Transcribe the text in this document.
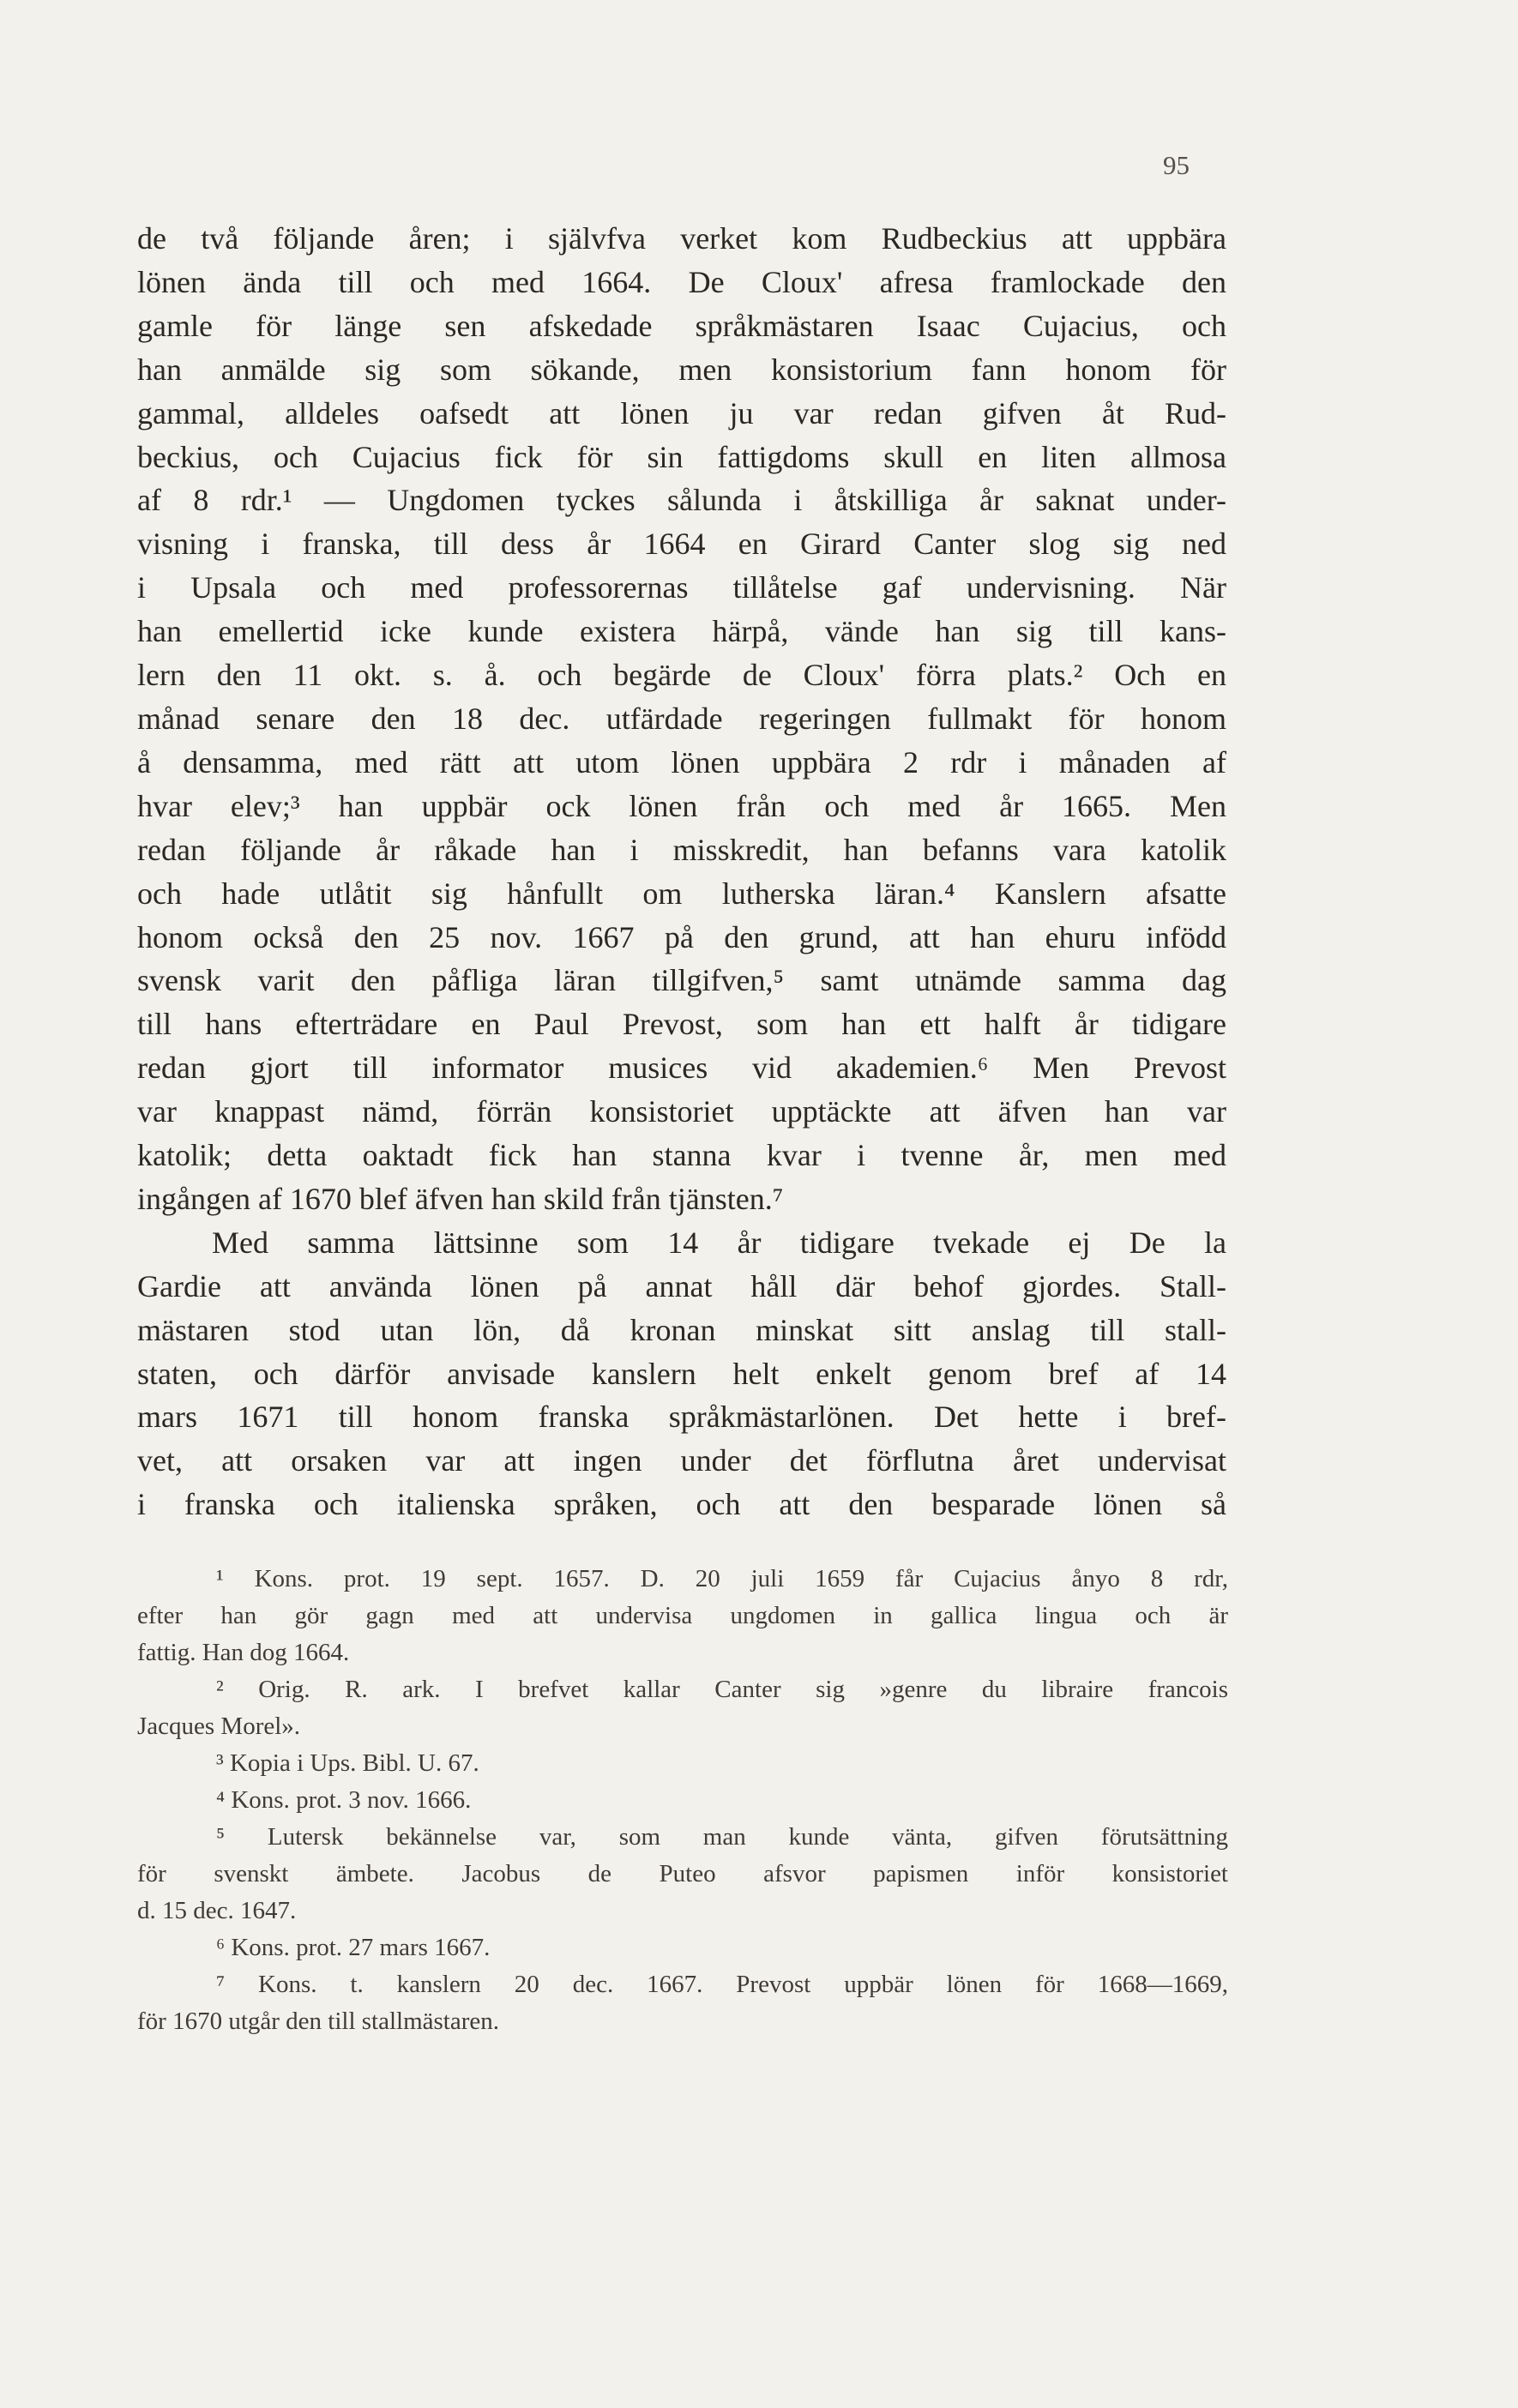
95
de två följande åren; i självfva verket kom Rudbeckius att uppbära
lönen ända till och med 1664. De Cloux' afresa framlockade den
gamle för länge sen afskedade språkmästaren Isaac Cujacius, och
han anmälde sig som sökande, men konsistorium fann honom för
gammal, alldeles oafsedt att lönen ju var redan gifven åt Rud-
beckius, och Cujacius fick för sin fattigdoms skull en liten allmosa
af 8 rdr.¹ — Ungdomen tyckes sålunda i åtskilliga år saknat under-
visning i franska, till dess år 1664 en Girard Canter slog sig ned
i Upsala och med professorernas tillåtelse gaf undervisning. När
han emellertid icke kunde existera härpå, vände han sig till kans-
lern den 11 okt. s. å. och begärde de Cloux' förra plats.² Och en
månad senare den 18 dec. utfärdade regeringen fullmakt för honom
å densamma, med rätt att utom lönen uppbära 2 rdr i månaden af
hvar elev;³ han uppbär ock lönen från och med år 1665. Men
redan följande år råkade han i misskredit, han befanns vara katolik
och hade utlåtit sig hånfullt om lutherska läran.⁴ Kanslern afsatte
honom också den 25 nov. 1667 på den grund, att han ehuru infödd
svensk varit den påfliga läran tillgifven,⁵ samt utnämde samma dag
till hans efterträdare en Paul Prevost, som han ett halft år tidigare
redan gjort till informator musices vid akademien.⁶ Men Prevost
var knappast nämd, förrän konsistoriet upptäckte att äfven han var
katolik; detta oaktadt fick han stanna kvar i tvenne år, men med
ingången af 1670 blef äfven han skild från tjänsten.⁷
Med samma lättsinne som 14 år tidigare tvekade ej De la
Gardie att använda lönen på annat håll där behof gjordes. Stall-
mästaren stod utan lön, då kronan minskat sitt anslag till stall-
staten, och därför anvisade kanslern helt enkelt genom bref af 14
mars 1671 till honom franska språkmästarlönen. Det hette i bref-
vet, att orsaken var att ingen under det förflutna året undervisat
i franska och italienska språken, och att den besparade lönen så
¹ Kons. prot. 19 sept. 1657. D. 20 juli 1659 får Cujacius ånyo 8 rdr,
efter han gör gagn med att undervisa ungdomen in gallica lingua och är
fattig. Han dog 1664.
² Orig. R. ark. I brefvet kallar Canter sig »genre du libraire francois
Jacques Morel».
³ Kopia i Ups. Bibl. U. 67.
⁴ Kons. prot. 3 nov. 1666.
⁵ Lutersk bekännelse var, som man kunde vänta, gifven förutsättning
för svenskt ämbete. Jacobus de Puteo afsvor papismen inför konsistoriet
d. 15 dec. 1647.
⁶ Kons. prot. 27 mars 1667.
⁷ Kons. t. kanslern 20 dec. 1667. Prevost uppbär lönen för 1668—1669,
för 1670 utgår den till stallmästaren.
